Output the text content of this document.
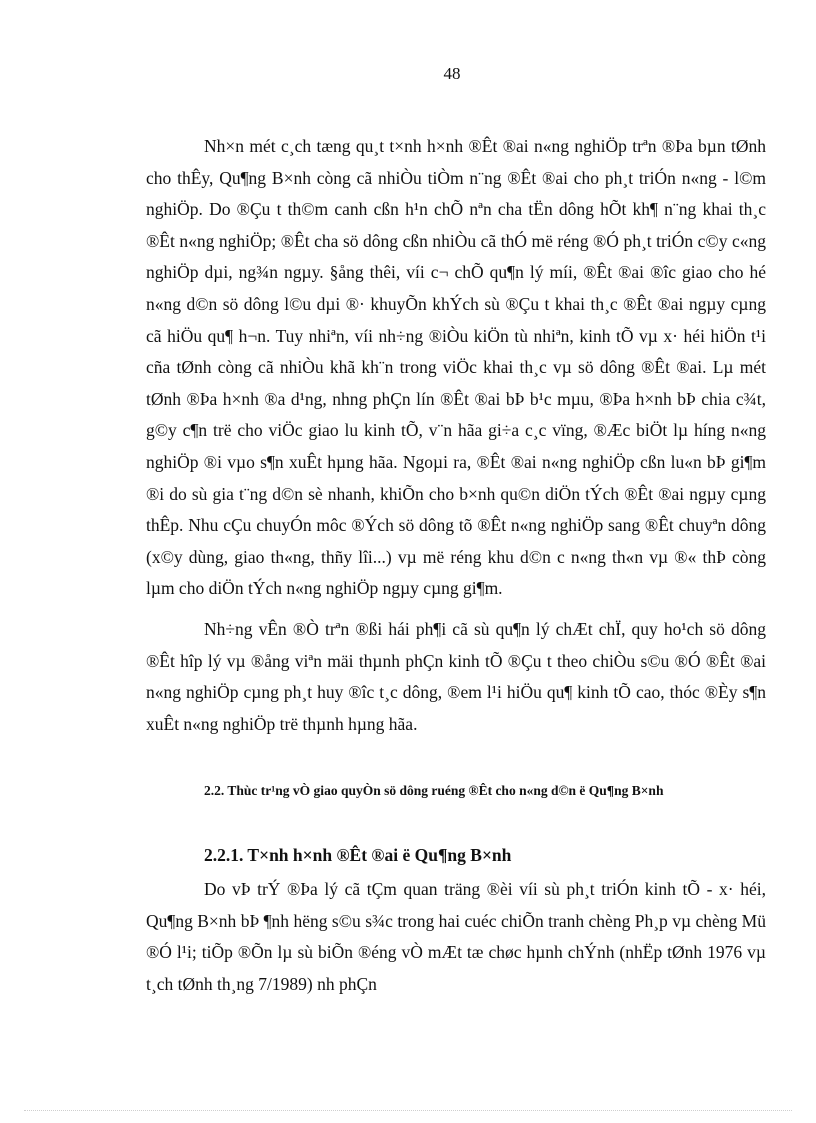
48

Nh×n mét c¸ch tæng qu¸t t×nh h×nh ®Êt ®ai n«ng nghiÖp trªn ®Þa bµn tØnh cho thÊy, Qu¶ng B×nh còng cã nhiÒu tiÒm n¨ng ®Êt ®ai cho ph¸t triÓn n«ng - l©m nghiÖp. Do ®Çu t th©m canh cßn h¹n chÕ nªn cha tËn dông hÕt kh¶ n¨ng khai th¸c ®Êt n«ng nghiÖp; ®Êt cha sö dông cßn nhiÒu cã thÓ më réng ®Ó ph¸t triÓn c©y c«ng nghiÖp dµi, ng¾n ngµy. §ång thêi, víi c¬ chÕ qu¶n lý míi, ®Êt ®ai ®îc giao cho hé n«ng d©n sö dông l©u dµi ®· khuyÕn khÝch sù ®Çu t khai th¸c ®Êt ®ai ngµy cµng cã hiÖu qu¶ h¬n. Tuy nhiªn, víi nh÷ng ®iÒu kiÖn tù nhiªn, kinh tÕ vµ x· héi hiÖn t¹i cña tØnh còng cã nhiÒu khã kh¨n trong viÖc khai th¸c vµ sö dông ®Êt ®ai. Lµ mét tØnh ®Þa h×nh ®a d¹ng, nhng phÇn lín ®Êt ®ai bÞ b¹c mµu, ®Þa h×nh bÞ chia c¾t, g©y c¶n trë cho viÖc giao lu kinh tÕ, v¨n hãa gi÷a c¸c vïng, ®Æc biÖt lµ híng n«ng nghiÖp ®i vµo s¶n xuÊt hµng hãa. Ngoµi ra, ®Êt ®ai n«ng nghiÖp cßn lu«n bÞ gi¶m ®i do sù gia t¨ng d©n sè nhanh, khiÕn cho b×nh qu©n diÖn tÝch ®Êt ®ai ngµy cµng thÊp. Nhu cÇu chuyÓn môc ®Ých sö dông tõ ®Êt n«ng nghiÖp sang ®Êt chuyªn dông (x©y dùng, giao th«ng, thñy lîi...) vµ më réng khu d©n c n«ng th«n vµ ®« thÞ còng lµm cho diÖn tÝch n«ng nghiÖp ngµy cµng gi¶m.

Nh÷ng vÊn ®Ò trªn ®ßi hái ph¶i cã sù qu¶n lý chÆt chÏ, quy ho¹ch sö dông ®Êt hîp lý vµ ®ång viªn mäi thµnh phÇn kinh tÕ ®Çu t theo chiÒu s©u ®Ó ®Êt ®ai n«ng nghiÖp cµng ph¸t huy ®îc t¸c dông, ®em l¹i hiÖu qu¶ kinh tÕ cao, thóc ®Èy s¶n xuÊt n«ng nghiÖp trë thµnh hµng hãa.

2.2. Thùc tr¹ng vÒ giao quyÒn sö dông ruéng ®Êt cho n«ng d©n ë Qu¶ng B×nh

2.2.1. T×nh h×nh ®Êt ®ai ë Qu¶ng B×nh

Do vÞ trÝ ®Þa lý cã tÇm quan träng ®èi víi sù ph¸t triÓn kinh tÕ - x· héi, Qu¶ng B×nh bÞ ¶nh hëng s©u s¾c trong hai cuéc chiÕn tranh chèng Ph¸p vµ chèng Mü ®Ó l¹i; tiÕp ®Õn lµ sù biÕn ®éng vÒ mÆt tæ chøc hµnh chÝnh (nhËp tØnh 1976 vµ t¸ch tØnh th¸ng 7/1989) nh phÇn
